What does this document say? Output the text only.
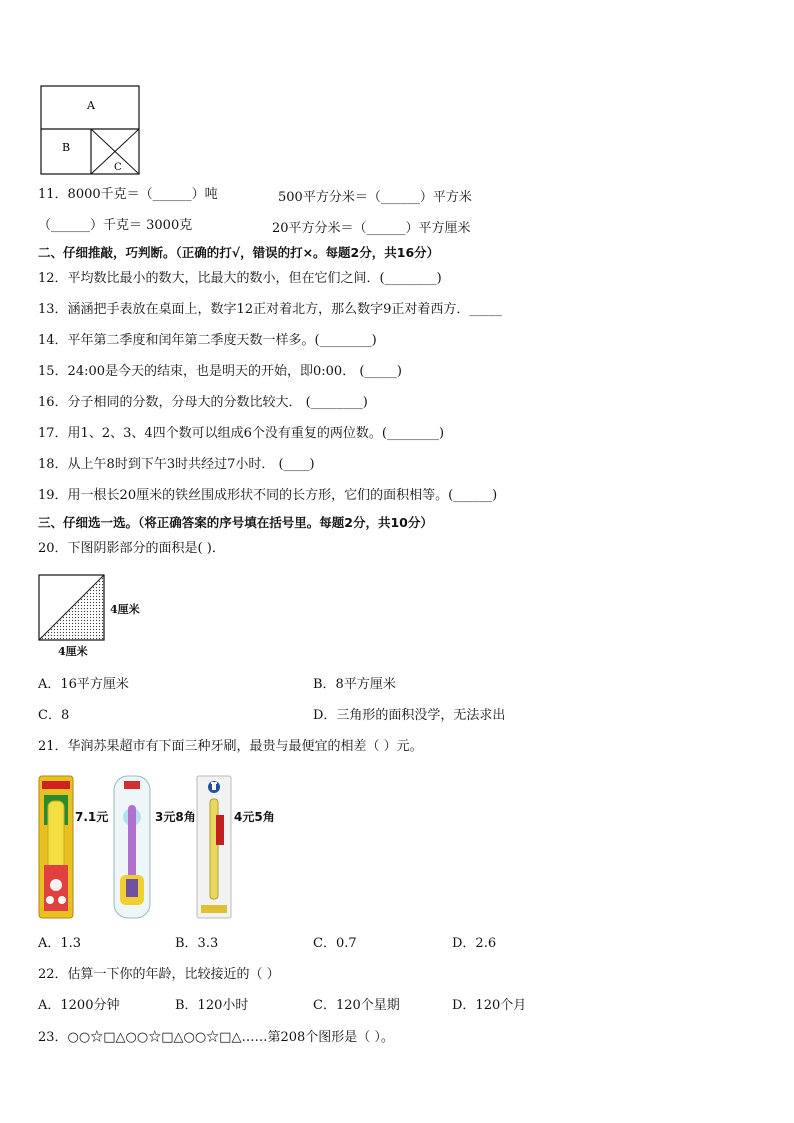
A
B
C
11．8000千克＝（______）吨	500平方分米＝（______）平方米
（______）千克＝ 3000克	20平方分米＝（______）平方厘米
二、仔细推敲，巧判断。（正确的打√，错误的打×。每题2分，共16分）
12．平均数比最小的数大，比最大的数小，但在它们之间．(________)
13．涵涵把手表放在桌面上，数字12正对着北方，那么数字9正对着西方．_____
14．平年第二季度和闰年第二季度天数一样多。(________)
15．24:00是今天的结束，也是明天的开始，即0:00． (_____)
16．分子相同的分数，分母大的分数比较大． (________)
17．用1、2、3、4四个数可以组成6个没有重复的两位数。(________)
18．从上午8时到下午3时共经过7小时． (____)
19．用一根长20厘米的铁丝围成形状不同的长方形，它们的面积相等。(______)
三、仔细选一选。（将正确答案的序号填在括号里。每题2分，共10分）
20．下图阴影部分的面积是( )．
4厘米
4厘米
A．16平方厘米	B．8平方厘米
C．8	D．三角形的面积没学，无法求出
21．华润苏果超市有下面三种牙刷，最贵与最便宜的相差（ ）元。
7.1元	3元8角	4元5角
A．1.3	B．3.3	C．0.7	D．2.6
22．估算一下你的年龄，比较接近的（ ）
A．1200分钟	B．120小时	C．120个星期	D．120个月
23．○○☆□△○○☆□△○○☆□△……第208个图形是（ ）。
